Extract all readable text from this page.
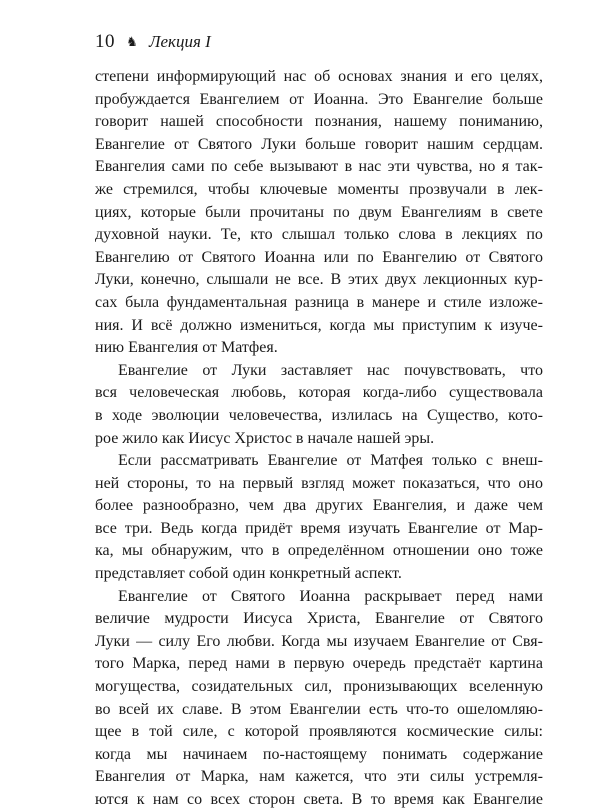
10 ♞ Лекция I
степени информирующий нас об основах знания и его целях,
пробуждается Евангелием от Иоанна. Это Евангелие больше
говорит нашей способности познания, нашему пониманию,
Евангелие от Святого Луки больше говорит нашим сердцам.
Евангелия сами по себе вызывают в нас эти чувства, но я так-
же стремился, чтобы ключевые моменты прозвучали в лек-
циях, которые были прочитаны по двум Евангелиям в свете
духовной науки. Те, кто слышал только слова в лекциях по
Евангелию от Святого Иоанна или по Евангелию от Святого
Луки, конечно, слышали не все. В этих двух лекционных кур-
сах была фундаментальная разница в манере и стиле изложе-
ния. И всё должно измениться, когда мы приступим к изуче-
нию Евангелия от Матфея.
Евангелие от Луки заставляет нас почувствовать, что
вся человеческая любовь, которая когда-либо существовала
в ходе эволюции человечества, излилась на Существо, кото-
рое жило как Иисус Христос в начале нашей эры.
Если рассматривать Евангелие от Матфея только с внеш-
ней стороны, то на первый взгляд может показаться, что оно
более разнообразно, чем два других Евангелия, и даже чем
все три. Ведь когда придёт время изучать Евангелие от Мар-
ка, мы обнаружим, что в определённом отношении оно тоже
представляет собой один конкретный аспект.
Евангелие от Святого Иоанна раскрывает перед нами
величие мудрости Иисуса Христа, Евангелие от Святого
Луки — силу Его любви. Когда мы изучаем Евангелие от Свя-
того Марка, перед нами в первую очередь предстаёт картина
могущества, созидательных сил, пронизывающих вселенную
во всей их славе. В этом Евангелии есть что-то ошеломляю-
щее в той силе, с которой проявляются космические силы:
когда мы начинаем по-настоящему понимать содержание
Евангелия от Марка, нам кажется, что эти силы устремля-
ются к нам со всех сторон света. В то время как Евангелие
